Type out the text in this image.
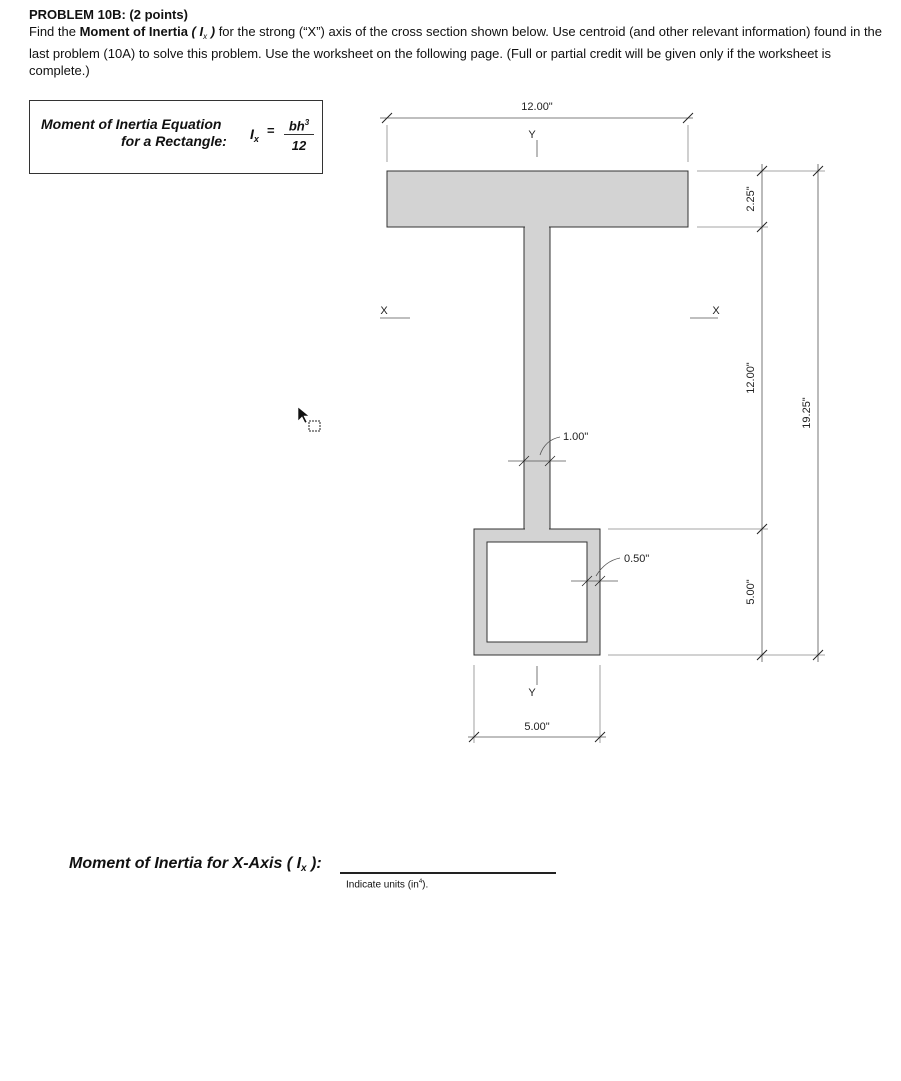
PROBLEM 10B: (2 points)
Find the Moment of Inertia ( $I_x$ ) for the strong (“X”) axis of the cross section shown below. Use centroid (and other relevant information) found in the last problem (10A) to solve this problem. Use the worksheet on the following page. (Full or partial credit will be given only if the worksheet is complete.)
Moment of Inertia Equation
for a Rectangle: $I_x$
=	$bh^3$
12
12.00"
Y
X	X
1.00"
0.50"
Y
5.00"
2.25"
12.00"
5.00"
19.25"
Moment of Inertia for X-Axis ( $I_x$ ):
Indicate units $(in^4)$.
